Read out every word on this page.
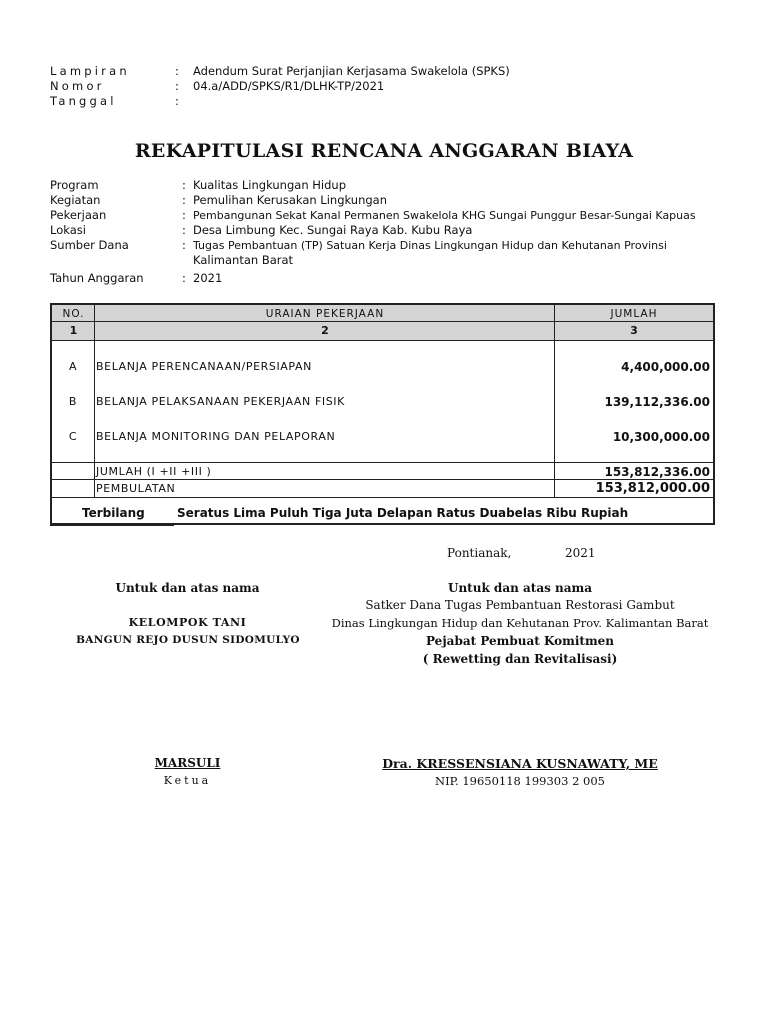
Lampiran	: Adendum Surat Perjanjian Kerjasama Swakelola (SPKS)
Nomor	: 04.a/ADD/SPKS/R1/DLHK-TP/2021
Tanggal	:
REKAPITULASI RENCANA ANGGARAN BIAYA
Program	: Kualitas Lingkungan Hidup
Kegiatan	: Pemulihan Kerusakan Lingkungan
Pekerjaan	: Pembangunan Sekat Kanal Permanen Swakelola KHG Sungai Punggur Besar-Sungai Kapuas
Lokasi	: Desa Limbung Kec. Sungai Raya Kab. Kubu Raya
Sumber Dana	: Tugas Pembantuan (TP) Satuan Kerja Dinas Lingkungan Hidup dan Kehutanan Provinsi
Kalimantan Barat
Tahun Anggaran	: 2021
NO.	URAIAN PEKERJAAN	JUMLAH
1	2	3
A	BELANJA PERENCANAAN/PERSIAPAN	4,400,000.00
B	BELANJA PELAKSANAAN PEKERJAAN FISIK	139,112,336.00
C	BELANJA MONITORING DAN PELAPORAN	10,300,000.00
JUMLAH (I +II +III )	153,812,336.00
PEMBULATAN	153,812,000.00
Terbilang	Seratus Lima Puluh Tiga Juta Delapan Ratus Duabelas Ribu Rupiah
Pontianak,	2021
Untuk dan atas nama
KELOMPOK TANI
BANGUN REJO DUSUN SIDOMULYO
MARSULI
Ketua
Untuk dan atas nama
Satker Dana Tugas Pembantuan Restorasi Gambut
Dinas Lingkungan Hidup dan Kehutanan Prov. Kalimantan Barat
Pejabat Pembuat Komitmen
( Rewetting dan Revitalisasi)
Dra. KRESSENSIANA KUSNAWATY, ME
NIP. 19650118 199303 2 005
